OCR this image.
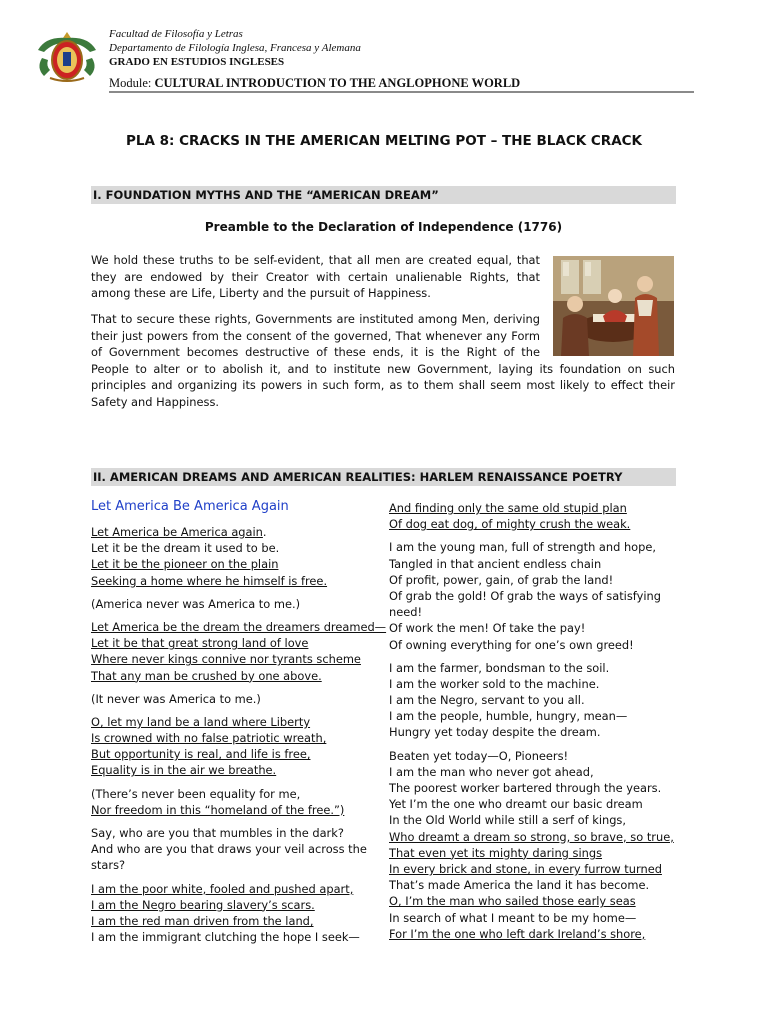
Facultad de Filosofía y Letras
Departamento de Filología Inglesa, Francesa y Alemana
GRADO EN ESTUDIOS INGLESES
Module: CULTURAL INTRODUCTION TO THE ANGLOPHONE WORLD
PLA 8: CRACKS IN THE AMERICAN MELTING POT – THE BLACK CRACK
I. FOUNDATION MYTHS AND THE “AMERICAN DREAM”
Preamble to the Declaration of Independence (1776)
We hold these truths to be self-evident, that all men are created equal, that
they are endowed by their Creator with certain unalienable Rights, that
among these are Life, Liberty and the pursuit of Happiness.
That to secure these rights, Governments are instituted among Men, deriving
their just powers from the consent of the governed, That whenever any Form
of Government becomes destructive of these ends, it is the Right of the
People to alter or to abolish it, and to institute new Government, laying its foundation on such
principles and organizing its powers in such form, as to them shall seem most likely to effect their
Safety and Happiness.
II. AMERICAN DREAMS AND AMERICAN REALITIES: HARLEM RENAISSANCE POETRY
Let America Be America Again
Let America be America again.
Let it be the dream it used to be.
Let it be the pioneer on the plain
Seeking a home where he himself is free.
(America never was America to me.)
Let America be the dream the dreamers dreamed—
Let it be that great strong land of love
Where never kings connive nor tyrants scheme
That any man be crushed by one above.
(It never was America to me.)
O, let my land be a land where Liberty
Is crowned with no false patriotic wreath,
But opportunity is real, and life is free,
Equality is in the air we breathe.
(There’s never been equality for me,
Nor freedom in this “homeland of the free.”)
Say, who are you that mumbles in the dark?
And who are you that draws your veil across the
stars?
I am the poor white, fooled and pushed apart,
I am the Negro bearing slavery’s scars.
I am the red man driven from the land,
I am the immigrant clutching the hope I seek—
And finding only the same old stupid plan
Of dog eat dog, of mighty crush the weak.
I am the young man, full of strength and hope,
Tangled in that ancient endless chain
Of profit, power, gain, of grab the land!
Of grab the gold! Of grab the ways of satisfying
need!
Of work the men! Of take the pay!
Of owning everything for one’s own greed!
I am the farmer, bondsman to the soil.
I am the worker sold to the machine.
I am the Negro, servant to you all.
I am the people, humble, hungry, mean—
Hungry yet today despite the dream.
Beaten yet today—O, Pioneers!
I am the man who never got ahead,
The poorest worker bartered through the years.
Yet I’m the one who dreamt our basic dream
In the Old World while still a serf of kings,
Who dreamt a dream so strong, so brave, so true,
That even yet its mighty daring sings
In every brick and stone, in every furrow turned
That’s made America the land it has become.
O, I’m the man who sailed those early seas
In search of what I meant to be my home—
For I’m the one who left dark Ireland’s shore,
